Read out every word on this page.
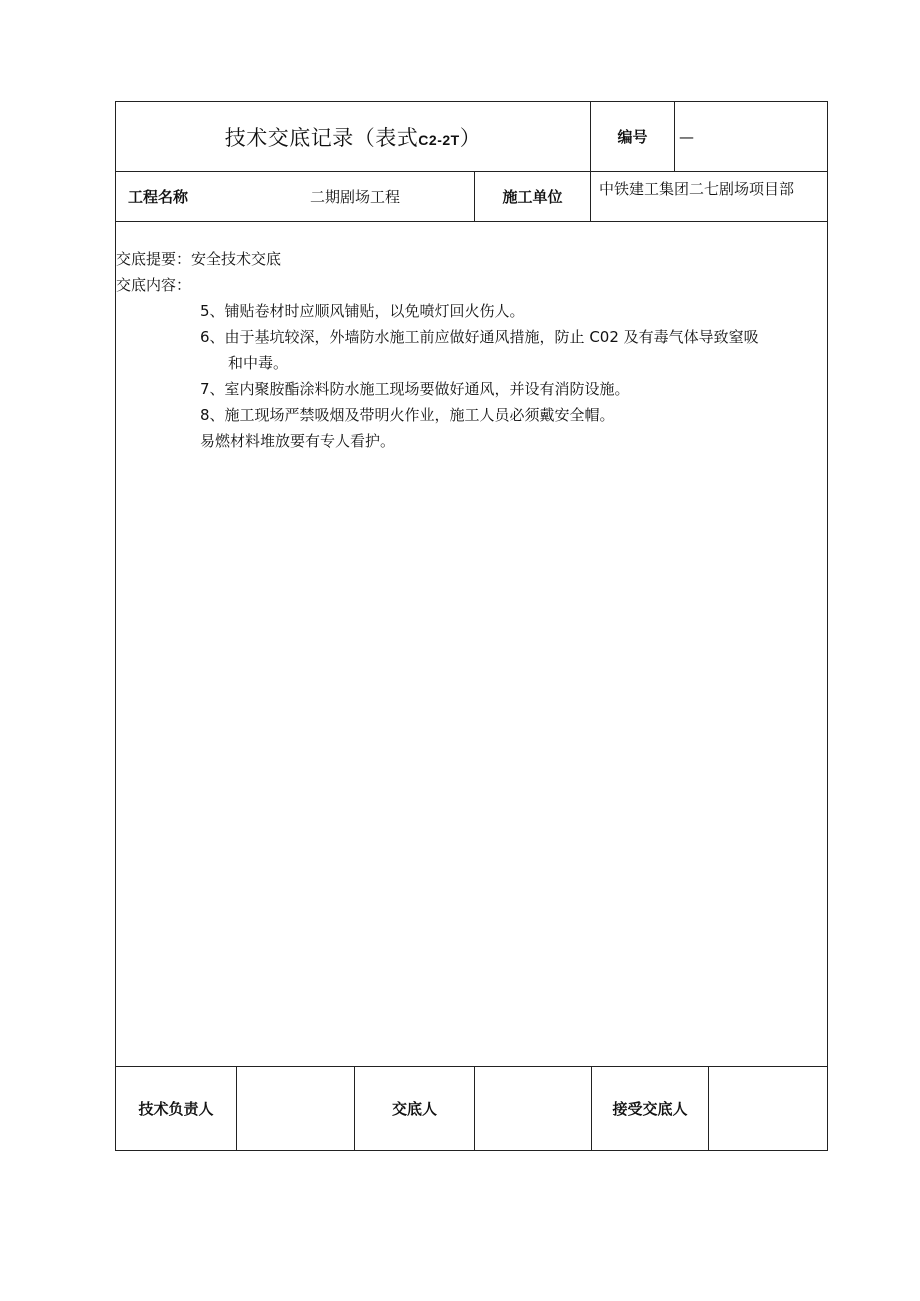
技术交底记录（表式C2-2T）	编号 —
工程名称	二期剧场工程	施工单位 中铁建工集团二七剧场项目部
交底提要：安全技术交底
交底内容：
5、铺贴卷材时应顺风铺贴，以免喷灯回火伤人。
6、由于基坑较深，外墙防水施工前应做好通风措施，防止 C02 及有毒气体导致窒吸
和中毒。
7、室内聚胺酯涂料防水施工现场要做好通风，并设有消防设施。
8、施工现场严禁吸烟及带明火作业，施工人员必须戴安全帽。
易燃材料堆放要有专人看护。
技术负责人	交底人	接受交底人
